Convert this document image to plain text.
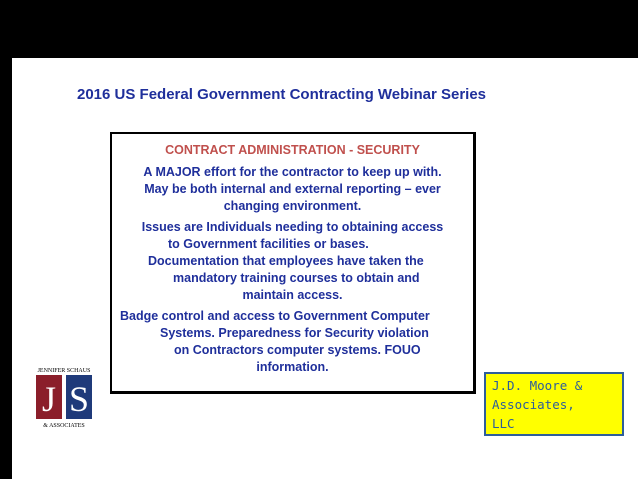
2016 US Federal Government Contracting Webinar Series
CONTRACT ADMINISTRATION - SECURITY
A MAJOR effort for the contractor to keep up with.
May be both internal and external reporting – ever
changing environment.
Issues are Individuals needing to obtaining access
to Government facilities or bases.
Documentation that employees have taken the
mandatory training courses to obtain and
maintain access.
Badge control and access to Government Computer
Systems. Preparedness for Security violation
on Contractors computer systems. FOUO
information.
JENNIFER SCHAUS
J S
& ASSOCIATES
J.D. Moore &
Associates,
LLC
